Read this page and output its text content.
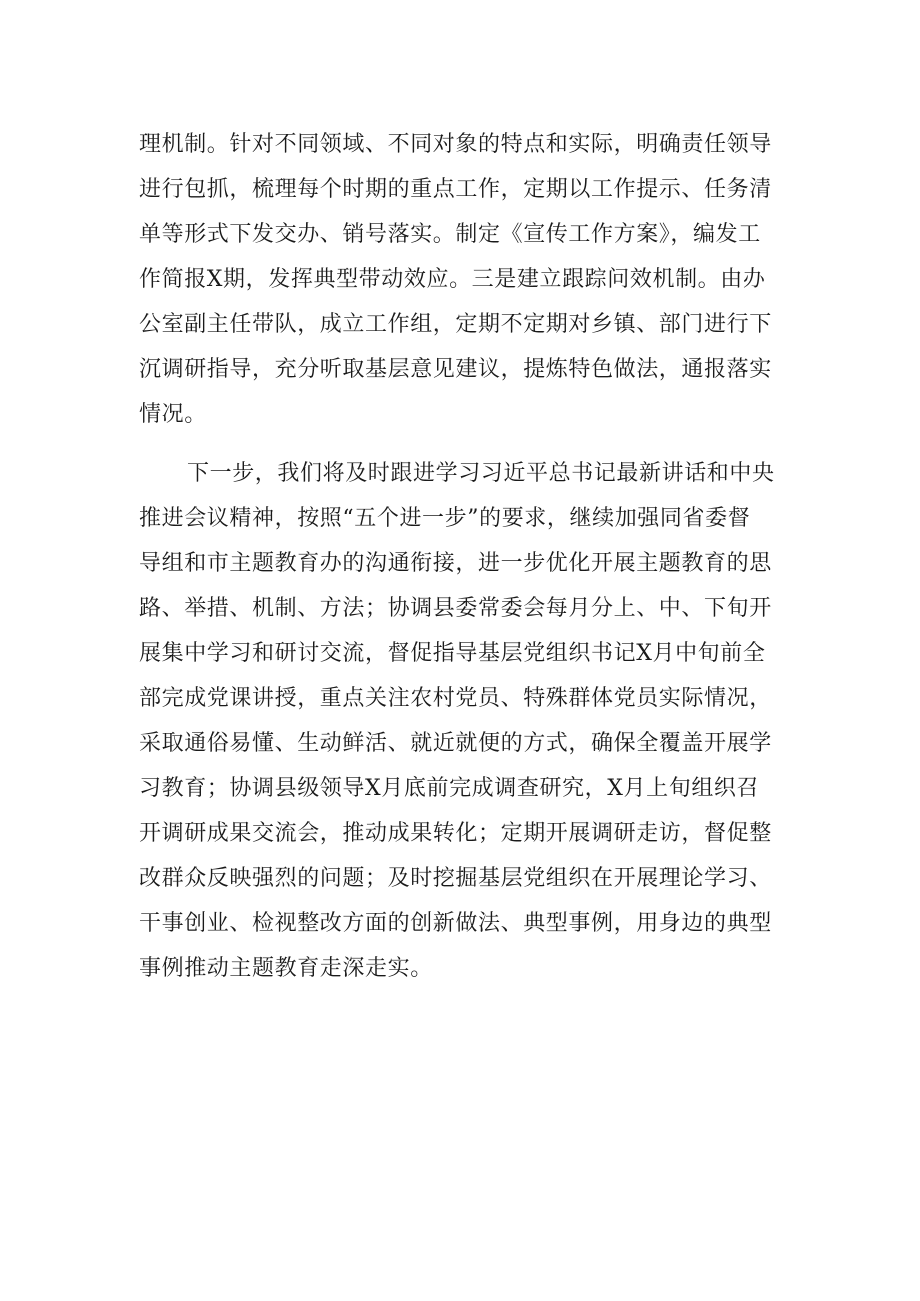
理机制。针对不同领域、不同对象的特点和实际，明确责任领导
进行包抓，梳理每个时期的重点工作，定期以工作提示、任务清
单等形式下发交办、销号落实。制定《宣传工作方案》，编发工
作简报X期，发挥典型带动效应。三是建立跟踪问效机制。由办
公室副主任带队，成立工作组，定期不定期对乡镇、部门进行下
沉调研指导，充分听取基层意见建议，提炼特色做法，通报落实
情况。
下一步，我们将及时跟进学习习近平总书记最新讲话和中央
推进会议精神，按照“五个进一步”的要求，继续加强同省委督
导组和市主题教育办的沟通衔接，进一步优化开展主题教育的思
路、举措、机制、方法；协调县委常委会每月分上、中、下旬开
展集中学习和研讨交流，督促指导基层党组织书记X月中旬前全
部完成党课讲授，重点关注农村党员、特殊群体党员实际情况，
采取通俗易懂、生动鲜活、就近就便的方式，确保全覆盖开展学
习教育；协调县级领导X月底前完成调查研究，X月上旬组织召
开调研成果交流会，推动成果转化；定期开展调研走访，督促整
改群众反映强烈的问题；及时挖掘基层党组织在开展理论学习、
干事创业、检视整改方面的创新做法、典型事例，用身边的典型
事例推动主题教育走深走实。
